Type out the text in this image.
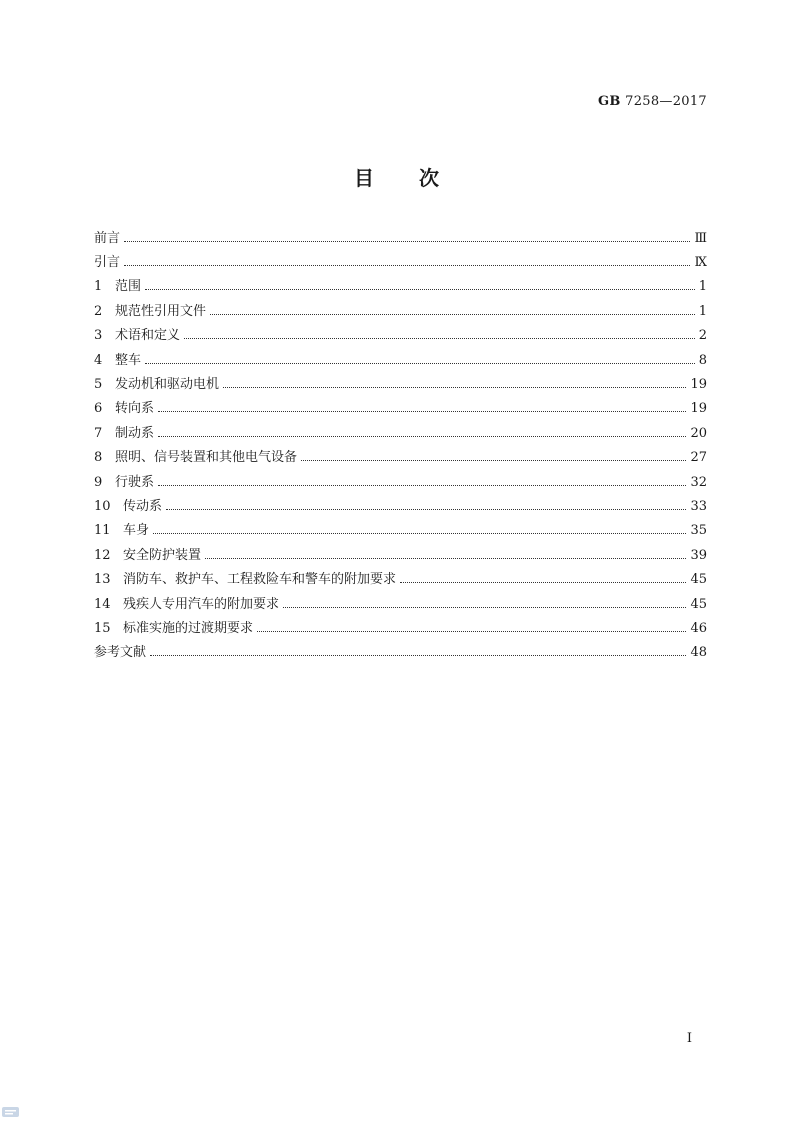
GB 7258—2017
目 次
前言	Ⅲ
引言	Ⅸ
1 范围	1
2 规范性引用文件	1
3 术语和定义	2
4 整车	8
5 发动机和驱动电机	19
6 转向系	19
7 制动系	20
8 照明、信号装置和其他电气设备	27
9 行驶系	32
10 传动系	33
11 车身	35
12 安全防护装置	39
13 消防车、救护车、工程救险车和警车的附加要求	45
14 残疾人专用汽车的附加要求	45
15 标准实施的过渡期要求	46
参考文献	48
I
